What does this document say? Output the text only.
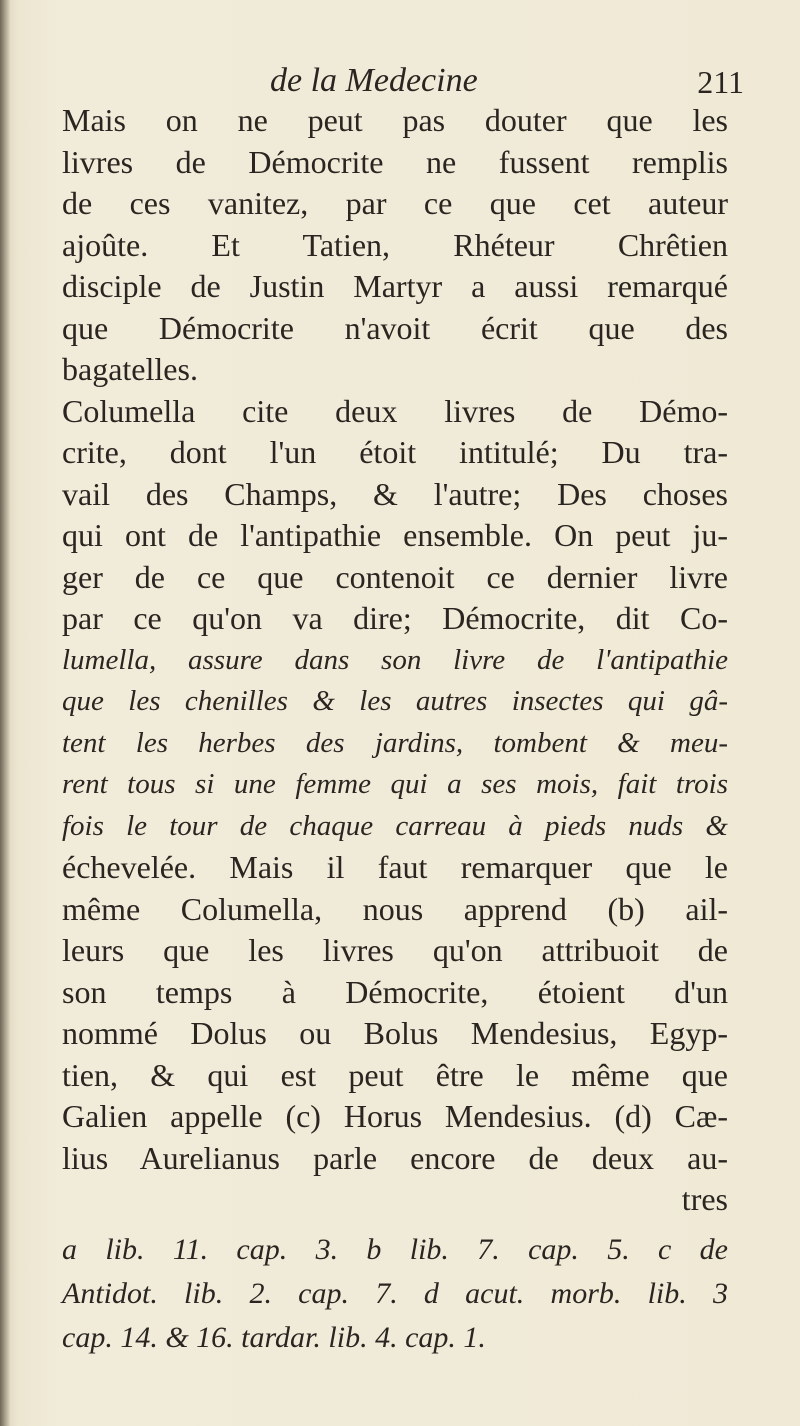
de la Medecine	211
Mais on ne peut pas douter que les
livres de Démocrite ne fussent remplis
de ces vanitez, par ce que cet auteur
ajoûte. Et Tatien, Rhéteur Chrêtien
disciple de Justin Martyr a aussi remarqué
que Démocrite n'avoit écrit que des
bagatelles.
Columella cite deux livres de Démo-
crite, dont l'un étoit intitulé; Du tra-
vail des Champs, & l'autre; Des choses
qui ont de l'antipathie ensemble. On peut ju-
ger de ce que contenoit ce dernier livre
par ce qu'on va dire; Démocrite, dit Co-
lumella, assure dans son livre de l'antipathie
que les chenilles & les autres insectes qui gâ-
tent les herbes des jardins, tombent & meu-
rent tous si une femme qui a ses mois, fait trois
fois le tour de chaque carreau à pieds nuds &
échevelée. Mais il faut remarquer que le
même Columella, nous apprend (b) ail-
leurs que les livres qu'on attribuoit de
son temps à Démocrite, étoient d'un
nommé Dolus ou Bolus Mendesius, Egyp-
tien, & qui est peut être le même que
Galien appelle (c) Horus Mendesius. (d) Cæ-
lius Aurelianus parle encore de deux au-
tres
a lib. 11. cap. 3. b lib. 7. cap. 5. c de
Antidot. lib. 2. cap. 7. d acut. morb. lib. 3
cap. 14. & 16. tardar. lib. 4. cap. 1.
